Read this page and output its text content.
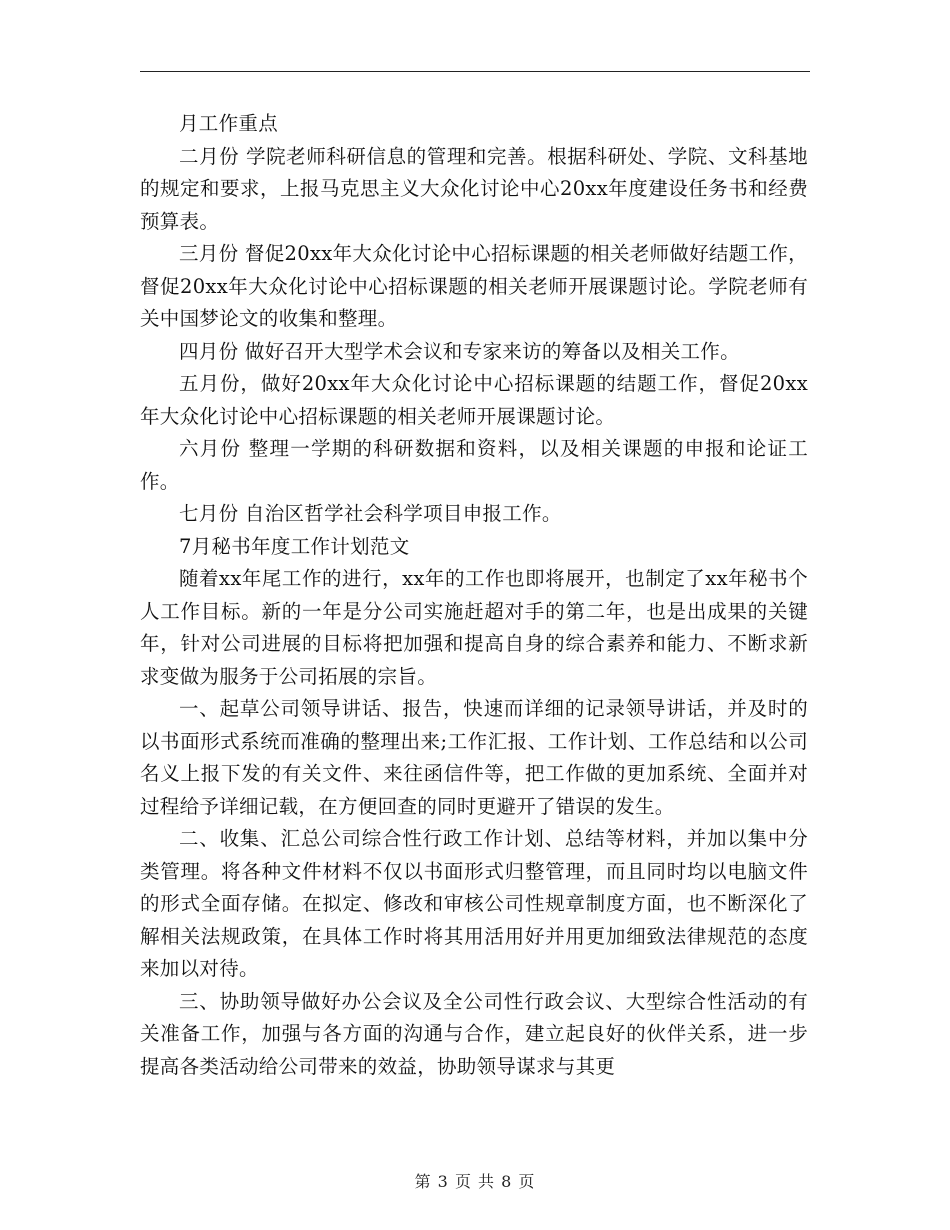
月工作重点

二月份 学院老师科研信息的管理和完善。根据科研处、学院、文科基地的规定和要求，上报马克思主义大众化讨论中心20xx年度建设任务书和经费预算表。

三月份 督促20xx年大众化讨论中心招标课题的相关老师做好结题工作，督促20xx年大众化讨论中心招标课题的相关老师开展课题讨论。学院老师有关中国梦论文的收集和整理。

四月份 做好召开大型学术会议和专家来访的筹备以及相关工作。

五月份，做好20xx年大众化讨论中心招标课题的结题工作，督促20xx年大众化讨论中心招标课题的相关老师开展课题讨论。

六月份 整理一学期的科研数据和资料，以及相关课题的申报和论证工作。

七月份 自治区哲学社会科学项目申报工作。

7月秘书年度工作计划范文

随着xx年尾工作的进行，xx年的工作也即将展开，也制定了xx年秘书个人工作目标。新的一年是分公司实施赶超对手的第二年，也是出成果的关键年，针对公司进展的目标将把加强和提高自身的综合素养和能力、不断求新求变做为服务于公司拓展的宗旨。

一、起草公司领导讲话、报告，快速而详细的记录领导讲话，并及时的以书面形式系统而准确的整理出来;工作汇报、工作计划、工作总结和以公司名义上报下发的有关文件、来往函信件等，把工作做的更加系统、全面并对过程给予详细记载，在方便回查的同时更避开了错误的发生。

二、收集、汇总公司综合性行政工作计划、总结等材料，并加以集中分类管理。将各种文件材料不仅以书面形式归整管理，而且同时均以电脑文件的形式全面存储。在拟定、修改和审核公司性规章制度方面，也不断深化了解相关法规政策，在具体工作时将其用活用好并用更加细致法律规范的态度来加以对待。

三、协助领导做好办公会议及全公司性行政会议、大型综合性活动的有关准备工作，加强与各方面的沟通与合作，建立起良好的伙伴关系，进一步提高各类活动给公司带来的效益，协助领导谋求与其更

第 3 页 共 8 页
